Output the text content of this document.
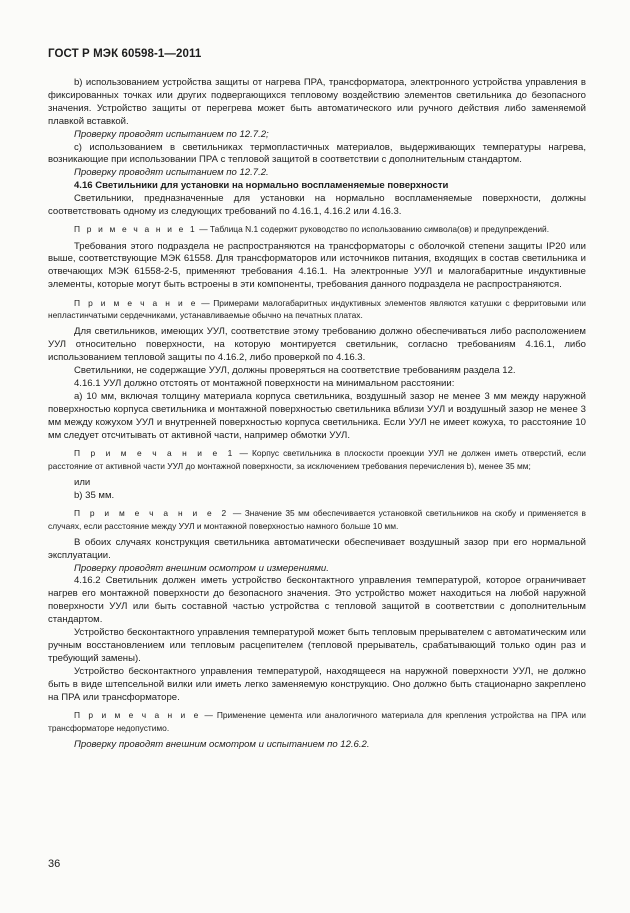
ГОСТ Р МЭК 60598-1—2011

b) использованием устройства защиты от нагрева ПРА, трансформатора, электронного устройства управления в фиксированных точках или других подвергающихся тепловому воздействию элементов светильника до безопасного значения. Устройство защиты от перегрева может быть автоматического или ручного действия либо заменяемой плавкой вставкой.

Проверку проводят испытанием по 12.7.2;

с) использованием в светильниках термопластичных материалов, выдерживающих температуры нагрева, возникающие при использовании ПРА с тепловой защитой в соответствии с дополнительным стандартом.

Проверку проводят испытанием по 12.7.2.

4.16 Светильники для установки на нормально воспламеняемые поверхности

Светильники, предназначенные для установки на нормально воспламеняемые поверхности, должны соответствовать одному из следующих требований по 4.16.1, 4.16.2 или 4.16.3.

П р и м е ч а н и е 1 — Таблица N.1 содержит руководство по использованию символа(ов) и предупреждений.

Требования этого подраздела не распространяются на трансформаторы с оболочкой степени защиты IP20 или выше, соответствующие МЭК 61558. Для трансформаторов или источников питания, входящих в состав светильника и отвечающих МЭК 61558-2-5, применяют требования 4.16.1. На электронные УУЛ и малогабаритные индуктивные элементы, которые могут быть встроены в эти компоненты, требования данного подраздела не распространяются.

П р и м е ч а н и е — Примерами малогабаритных индуктивных элементов являются катушки с ферритовыми или непластинчатыми сердечниками, устанавливаемые обычно на печатных платах.

Для светильников, имеющих УУЛ, соответствие этому требованию должно обеспечиваться либо расположением УУЛ относительно поверхности, на которую монтируется светильник, согласно требованиям 4.16.1, либо использованием тепловой защиты по 4.16.2, либо проверкой по 4.16.3.

Светильники, не содержащие УУЛ, должны проверяться на соответствие требованиям раздела 12.

4.16.1 УУЛ должно отстоять от монтажной поверхности на минимальном расстоянии:

a) 10 мм, включая толщину материала корпуса светильника, воздушный зазор не менее 3 мм между наружной поверхностью корпуса светильника и монтажной поверхностью светильника вблизи УУЛ и воздушный зазор не менее 3 мм между кожухом УУЛ и внутренней поверхностью корпуса светильника. Если УУЛ не имеет кожуха, то расстояние 10 мм следует отсчитывать от активной части, например обмотки УУЛ.

П р и м е ч а н и е 1 — Корпус светильника в плоскости проекции УУЛ не должен иметь отверстий, если расстояние от активной части УУЛ до монтажной поверхности, за исключением требования перечисления b), менее 35 мм;

или

b) 35 мм.

П р и м е ч а н и е 2 — Значение 35 мм обеспечивается установкой светильников на скобу и применяется в случаях, если расстояние между УУЛ и монтажной поверхностью намного больше 10 мм.

В обоих случаях конструкция светильника автоматически обеспечивает воздушный зазор при его нормальной эксплуатации.

Проверку проводят внешним осмотром и измерениями.

4.16.2 Светильник должен иметь устройство бесконтактного управления температурой, которое ограничивает нагрев его монтажной поверхности до безопасного значения. Это устройство может находиться на любой наружной поверхности УУЛ или быть составной частью устройства с тепловой защитой в соответствии с дополнительным стандартом.

Устройство бесконтактного управления температурой может быть тепловым прерывателем с автоматическим или ручным восстановлением или тепловым расцепителем (тепловой прерыватель, срабатывающий только один раз и требующий замены).

Устройство бесконтактного управления температурой, находящееся на наружной поверхности УУЛ, не должно быть в виде штепсельной вилки или иметь легко заменяемую конструкцию. Оно должно быть стационарно закреплено на ПРА или трансформаторе.

П р и м е ч а н и е — Применение цемента или аналогичного материала для крепления устройства на ПРА или трансформаторе недопустимо.

Проверку проводят внешним осмотром и испытанием по 12.6.2.

36
